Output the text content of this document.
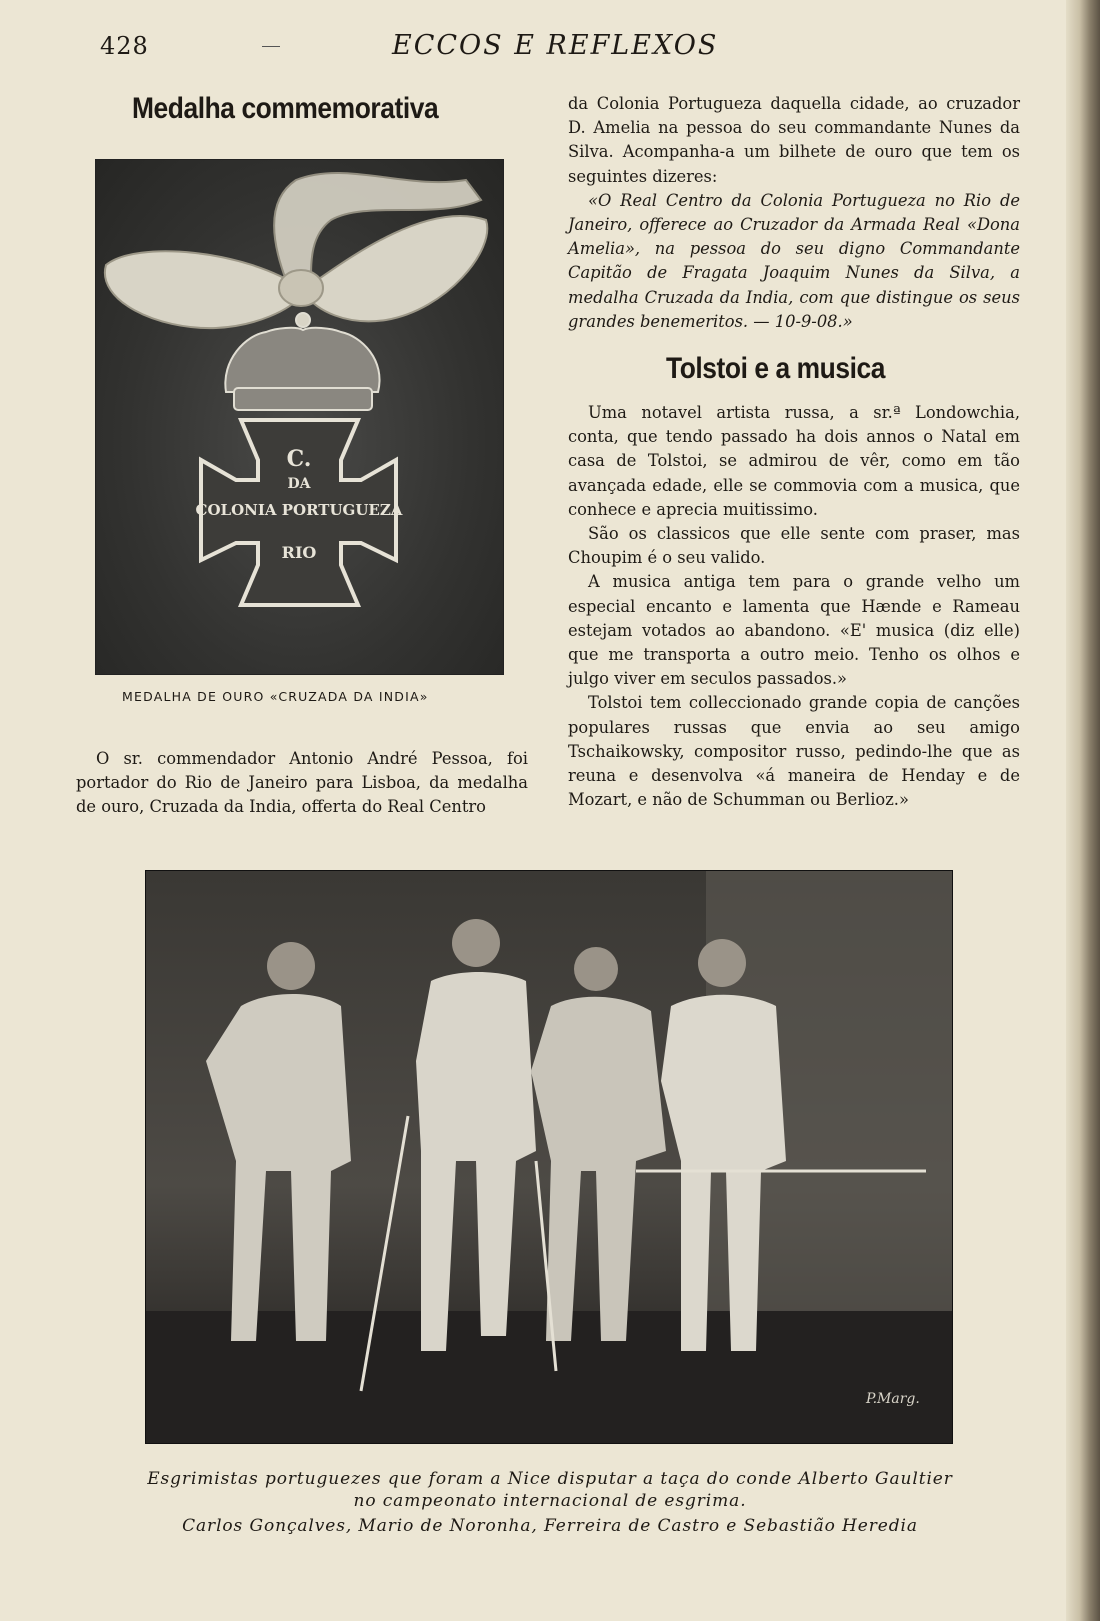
428	ECCOS E REFLEXOS
Medalha commemorativa
C.
DA
COLONIA PORTUGUEZA
RIO
MEDALHA DE OURO «CRUZADA DA INDIA»

O sr. commendador Antonio André Pessoa, foi portador do Rio de Janeiro para Lisboa, da medalha de ouro, Cruzada da India, offerta do Real Centro

da Colonia Portugueza daquella cidade, ao cruzador D. Amelia na pessoa do seu commandante Nunes da Silva. Acompanha-a um bilhete de ouro que tem os seguintes dizeres:

«O Real Centro da Colonia Portugueza no Rio de Janeiro, offerece ao Cruzador da Armada Real «Dona Amelia», na pessoa do seu digno Commandante Capitão de Fragata Joaquim Nunes da Silva, a medalha Cruzada da India, com que distingue os seus grandes benemeritos. — 10-9-08.»

Tolstoi e a musica

Uma notavel artista russa, a sr.ª Londowchia, conta, que tendo passado ha dois annos o Natal em casa de Tolstoi, se admirou de vêr, como em tão avançada edade, elle se commovia com a musica, que conhece e aprecia muitissimo.

São os classicos que elle sente com praser, mas Choupim é o seu valido.

A musica antiga tem para o grande velho um especial encanto e lamenta que Hænde e Rameau estejam votados ao abandono. «E' musica (diz elle) que me transporta a outro meio. Tenho os olhos e julgo viver em seculos passados.»

Tolstoi tem colleccionado grande copia de canções populares russas que envia ao seu amigo Tschaikowsky, compositor russo, pedindo-lhe que as reuna e desenvolva «á maneira de Henday e de Mozart, e não de Schumman ou Berlioz.»

P.Marg.
Esgrimistas portuguezes que foram a Nice disputar a taça do conde Alberto Gaultier
no campeonato internacional de esgrima.
Carlos Gonçalves, Mario de Noronha, Ferreira de Castro e Sebastião Heredia
